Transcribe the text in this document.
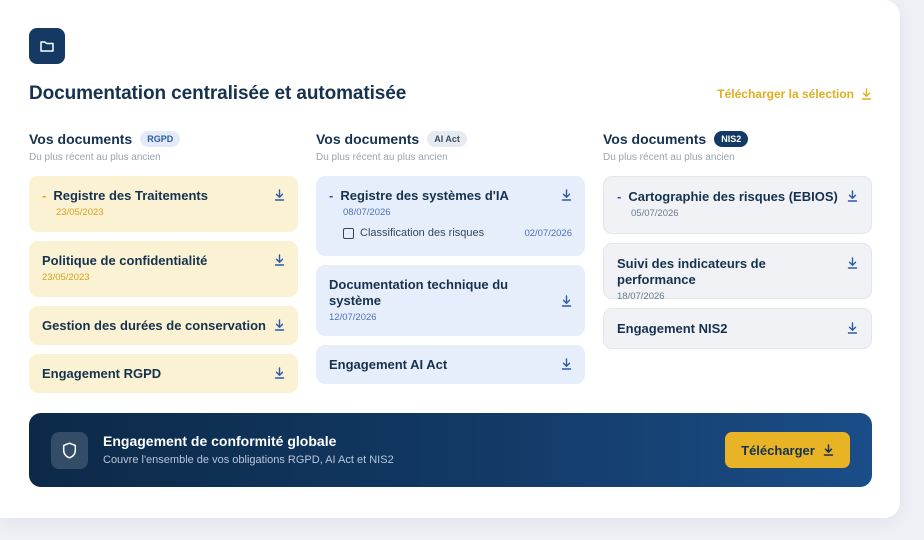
Documentation centralisée et automatisée	Télécharger la sélection
Vos documents	RGPD
Du plus récent au plus ancien
- Registre des Traitements
23/05/2023
Politique de confidentialité
23/05/2023
Gestion des durées de conservation
Engagement RGPD
Vos documents	AI Act
Du plus récent au plus ancien
- Registre des systèmes d'IA
08/07/2026
Classification des risques	02/07/2026
Documentation technique du système
12/07/2026
Engagement AI Act
Vos documents	NIS2
Du plus récent au plus ancien
- Cartographie des risques (EBIOS)
05/07/2026
Suivi des indicateurs de performance
18/07/2026
Engagement NIS2
Engagement de conformité globale
Couvre l'ensemble de vos obligations RGPD, AI Act et NIS2
Télécharger
